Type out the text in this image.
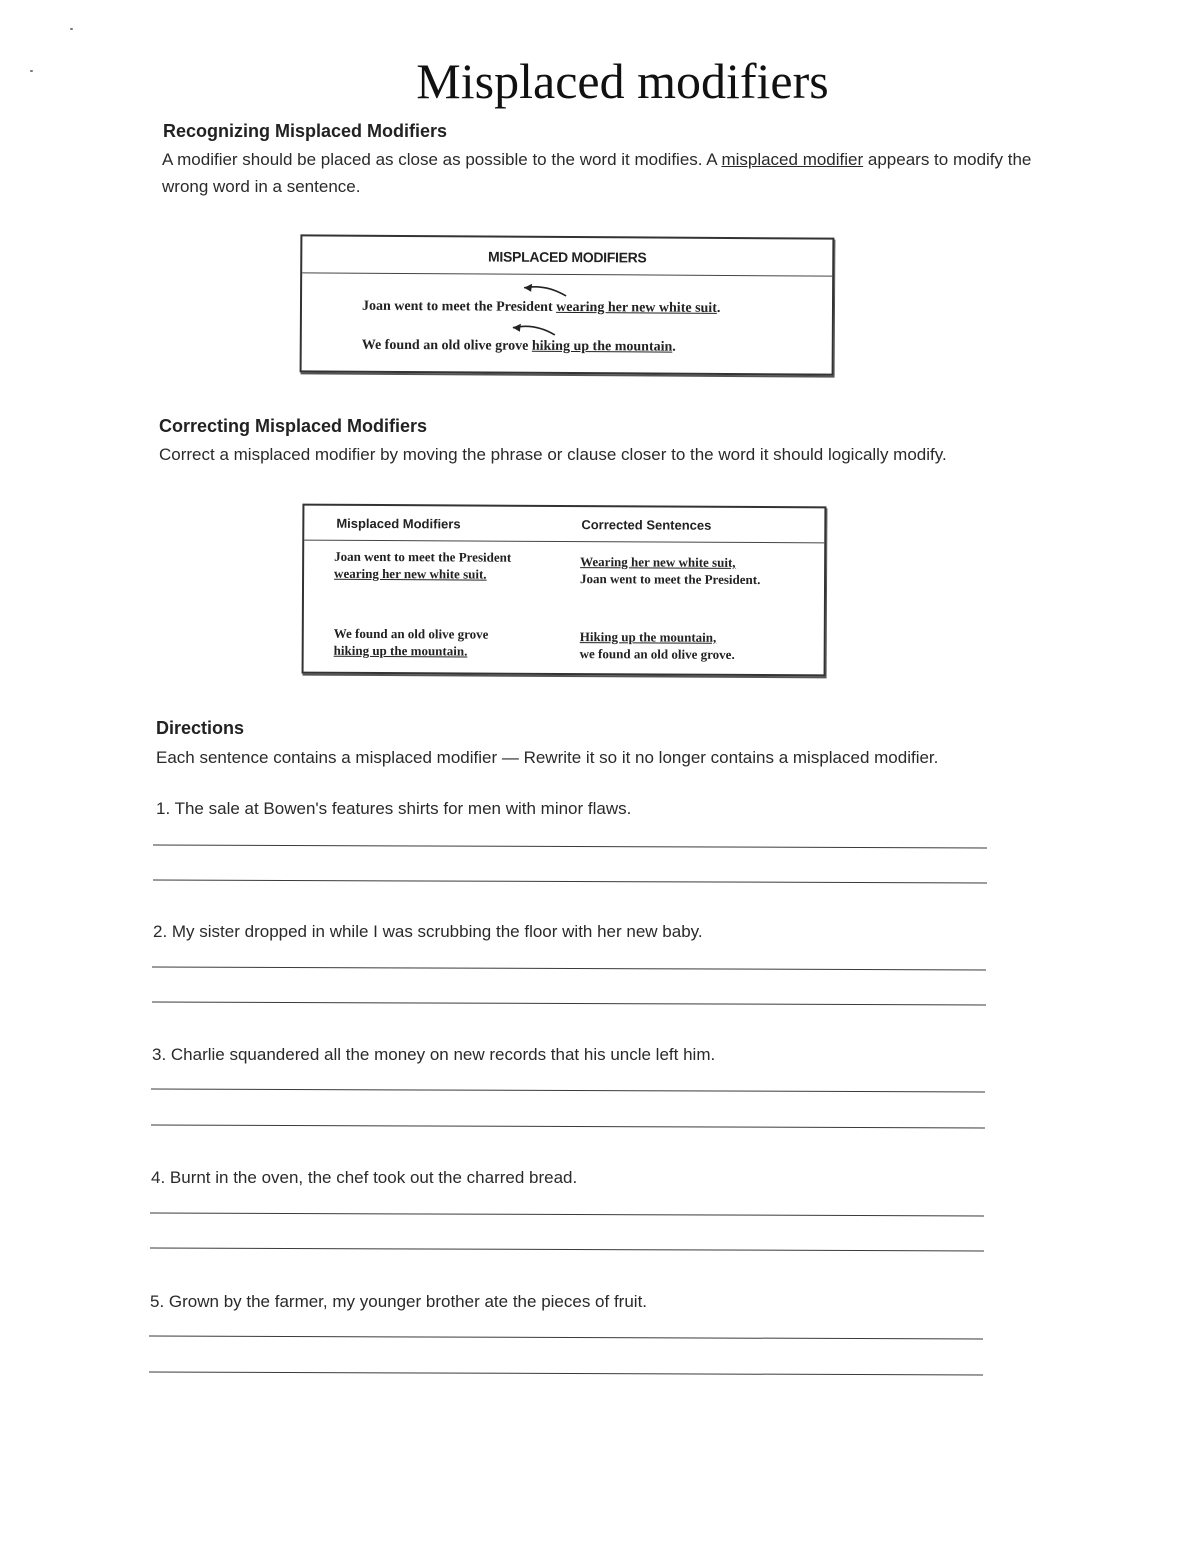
Misplaced modifiers
Recognizing Misplaced Modifiers
A modifier should be placed as close as possible to the word it modifies. A misplaced modifier appears to modify the wrong word in a sentence.
MISPLACED MODIFIERS
Joan went to meet the
President wearing her new white suit.
We found an old olive
grove hiking up the mountain.
Correcting Misplaced Modifiers
Correct a misplaced modifier by moving the phrase or clause closer to the word it should logically modify.
Misplaced Modifiers	Corrected Sentences
Joan went to meet the President
wearing her new white suit.
Wearing her new white suit,
Joan went to meet the President.
We found an old olive grove
hiking up the mountain.
Hiking up the mountain,
we found an old olive grove.
Directions
Each sentence contains a misplaced modifier — Rewrite it so it no longer contains a misplaced modifier.
1. The sale at Bowen's features shirts for men with minor flaws.
2. My sister dropped in while I was scrubbing the floor with her new baby.
3. Charlie squandered all the money on new records that his uncle left him.
4. Burnt in the oven, the chef took out the charred bread.
5. Grown by the farmer, my younger brother ate the pieces of fruit.
